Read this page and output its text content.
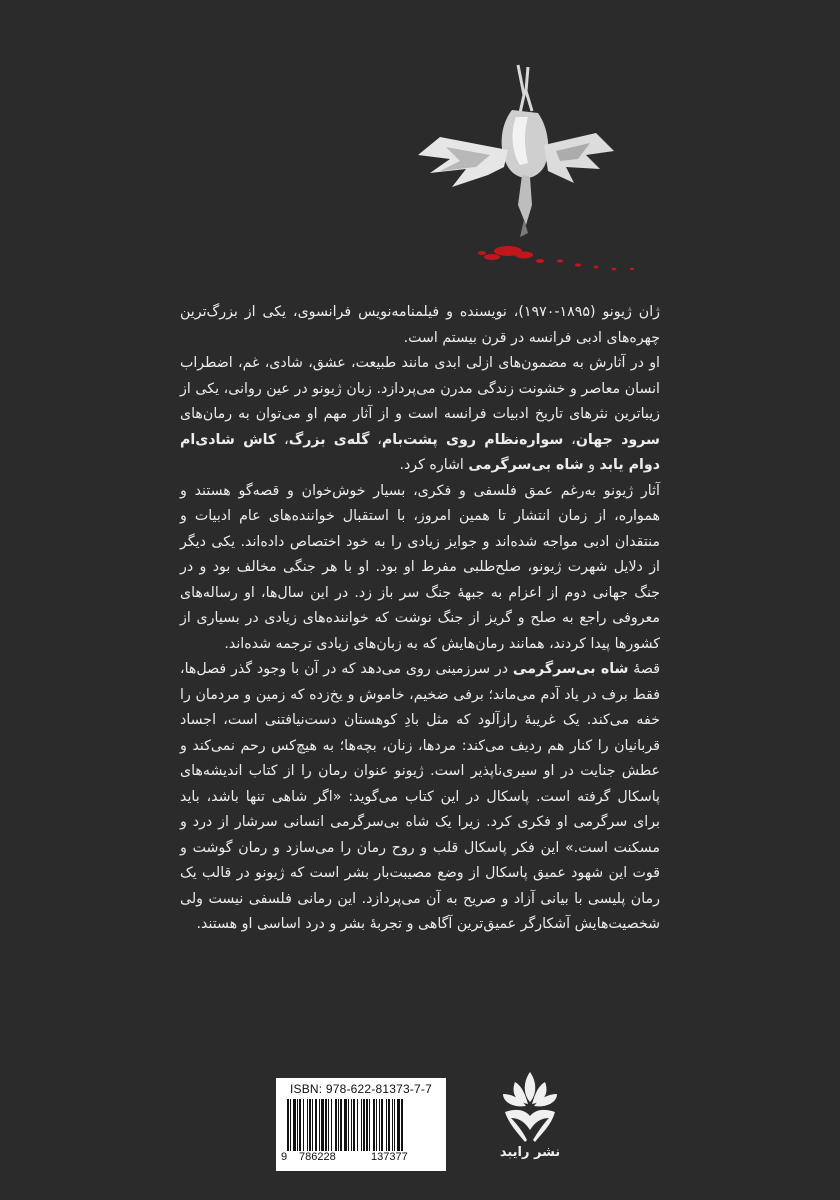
ژان ژیونو (۱۸۹۵-۱۹۷۰)، نویسنده و فیلمنامه‌نویس فرانسوی، یکی از بزرگ‌ترین چهره‌های ادبی فرانسه در قرن بیستم است.

او در آثارش به مضمون‌های ازلی ابدی مانند طبیعت، عشق، شادی، غم، اضطراب انسان معاصر و خشونت زندگی مدرن می‌پردازد. زبان ژیونو در عین روانی، یکی از زیباترین نثرهای تاریخ ادبیات فرانسه است و از آثار مهم او می‌توان به رمان‌های سرود جهان، سواره‌نظام روی پشت‌بام، گله‌ی بزرگ، کاش شادی‌ام دوام یابد و شاه بی‌سرگرمی اشاره کرد.

آثار ژیونو به‌رغم عمق فلسفی و فکری، بسیار خوش‌خوان و قصه‌گو هستند و همواره، از زمان انتشار تا همین امروز، با استقبال خواننده‌های عام ادبیات و منتقدان ادبی مواجه شده‌اند و جوایز زیادی را به خود اختصاص داده‌اند. یکی دیگر از دلایل شهرت ژیونو، صلح‌طلبی مفرط او بود. او با هر جنگی مخالف بود و در جنگ جهانی دوم از اعزام به جبهۀ جنگ سر باز زد. در این سال‌ها، او رساله‌های معروفی راجع به صلح و گریز از جنگ نوشت که خواننده‌های زیادی در بسیاری از کشورها پیدا کردند، همانند رمان‌هایش که به زبان‌های زیادی ترجمه شده‌اند.

قصۀ شاه بی‌سرگرمی در سرزمینی روی می‌دهد که در آن با وجود گذر فصل‌ها، فقط برف در یاد آدم می‌ماند؛ برفی ضخیم، خاموش و یخ‌زده که زمین و مردمان را خفه می‌کند. یک غریبۀ رازآلود که مثل بادِ کوهستان دست‌نیافتنی است، اجساد قربانیان را کنار هم ردیف می‌کند: مردها، زنان، بچه‌ها؛ به هیچ‌کس رحم نمی‌کند و عطش جنایت در او سیری‌ناپذیر است. ژیونو عنوان رمان را از کتاب اندیشه‌های پاسکال گرفته است. پاسکال در این کتاب می‌گوید: «اگر شاهی تنها باشد، باید برای سرگرمی او فکری کرد. زیرا یک شاه بی‌سرگرمی انسانی سرشار از درد و مسکنت است.» این فکر پاسکال قلب و روح رمان را می‌سازد و رمان گوشت و قوت این شهود عمیق پاسکال از وضع مصیبت‌بار بشر است که ژیونو در قالب یک رمان پلیسی با بیانی آزاد و صریح به آن می‌پردازد. این رمانی فلسفی نیست ولی شخصیت‌هایش آشکارگر عمیق‌ترین آگاهی و تجربۀ بشر و درد اساسی او هستند.

ISBN: 978-622-81373-7-7
9 786228	137377	نشر رایبد
